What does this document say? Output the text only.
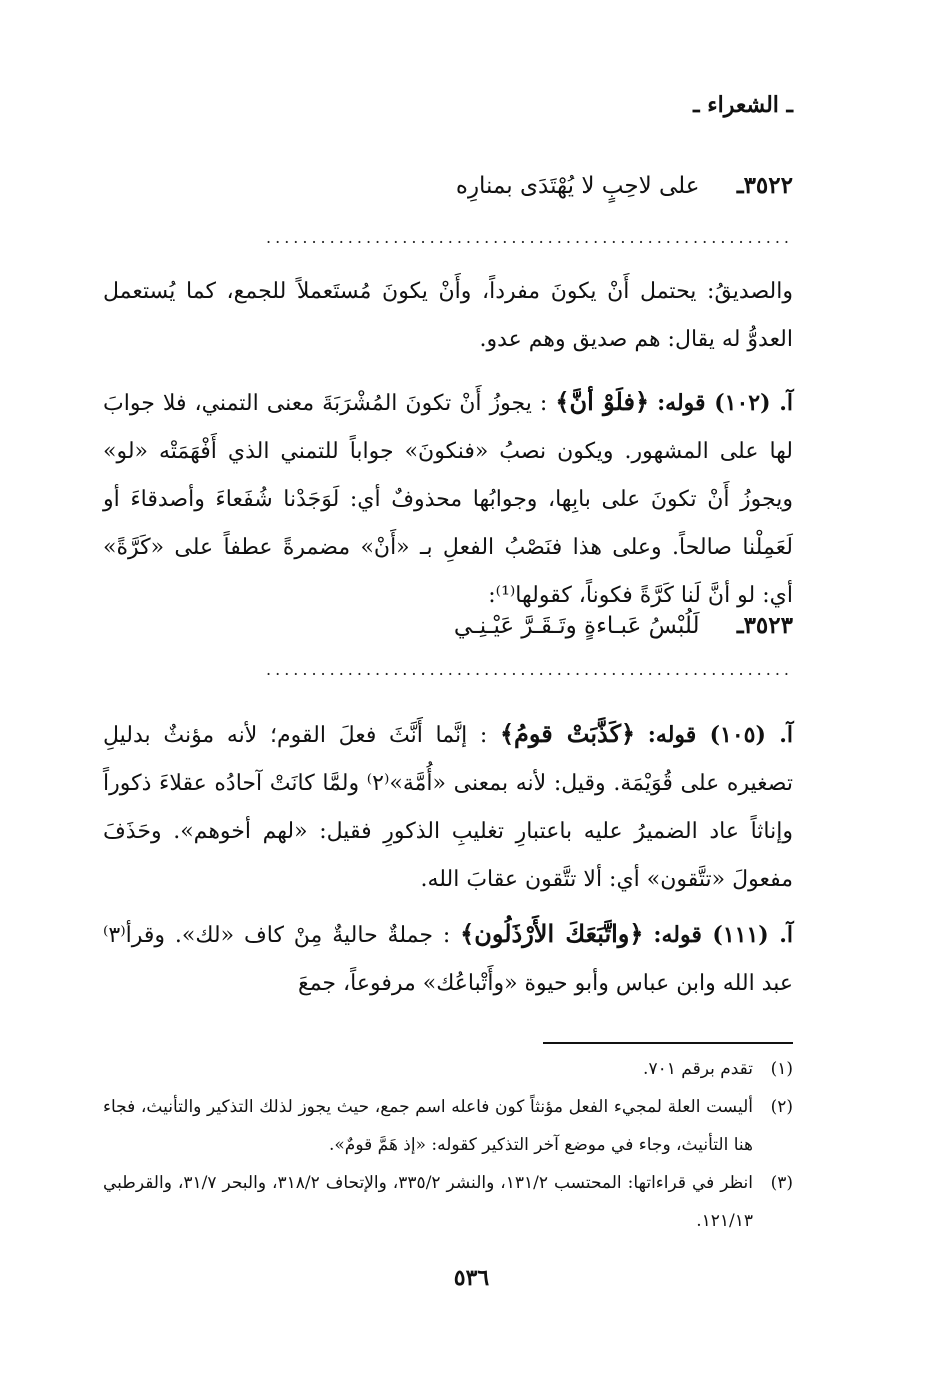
ـ الشعراء ـ
٣٥٢٢ـ على لاحِبٍ لا يُهْتَدَى بمنارِه
..........................................................
والصديقُ: يحتمل أَنْ يكونَ مفرداً، وأَنْ يكونَ مُستَعملاً للجمع، كما يُستعمل العدوُّ له يقال: هم صديق وهم عدو.
آ. (١٠٢) قوله: ﴿فلَوْ أنَّ﴾ : يجوزُ أَنْ تكونَ المُشْرَبَةَ معنى التمني، فلا جوابَ لها على المشهور. ويكون نصبُ «فنكونَ» جواباً للتمني الذي أَفْهَمَتْه «لو» ويجوزُ أَنْ تكونَ على بابِها، وجوابُها محذوفٌ أي: لَوَجَدْنا شُفَعاءَ وأصدقاءَ أو لَعَمِلْنا صالحاً. وعلى هذا فنَصْبُ الفعلِ بـ «أَنْ» مضمرةً عطفاً على «كَرَّةً» أي: لو أنَّ لَنا كَرَّةً فكوناً، كقولها⁽¹⁾:
٣٥٢٣ـ لَلُبْسُ عَبـاءةٍ وتَـقَـرَّ عَيْـنِـي
..........................................................
آ. (١٠٥) قوله: ﴿كَذَّبَتْ قومُ﴾ : إنَّما أَنَّثَ فعلَ القوم؛ لأنه مؤنثٌ بدليلِ تصغيره على قُوَيْمَة. وقيل: لأنه بمعنى «أُمَّة»⁽٢⁾ ولمَّا كانَتْ آحادُه عقلاءَ ذكوراً وإناثاً عاد الضميرُ عليه باعتبارِ تغليبِ الذكورِ فقيل: «لهم أخوهم». وحَذَفَ مفعولَ «تتَّقون» أي: ألا تتَّقون عقابَ الله.
آ. (١١١) قوله: ﴿واتَّبَعَكَ الأَرْذَلُون﴾ : جملةٌ حاليةٌ مِنْ كاف «لك». وقرأ⁽٣⁾ عبد الله وابن عباس وأبو حيوة «وأَتْباعُك» مرفوعاً، جمعَ
(١)
تقدم برقم ٧٠١.
(٢)
أليست العلة لمجيء الفعل مؤنثاً كون فاعله اسم جمع، حيث يجوز لذلك التذكير والتأنيث، فجاء هنا التأنيث، وجاء في موضع آخر التذكير كقوله: «إذ هَمَّ قومٌ».
(٣)
انظر في قراءاتها: المحتسب ١٣١/٢، والنشر ٣٣٥/٢، والإتحاف ٣١٨/٢، والبحر ٣١/٧، والقرطبي ١٢١/١٣.
٥٣٦
